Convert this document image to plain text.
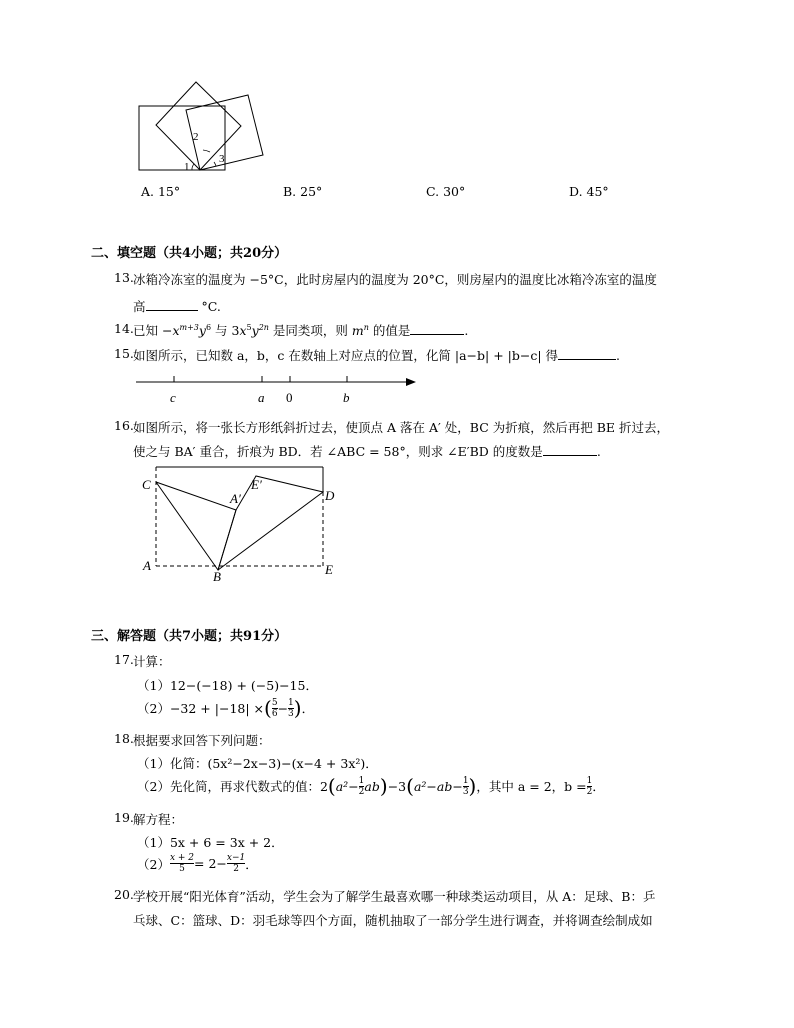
1
2
3
A. 15°	B. 25°	C. 30°	D. 45°
二、填空题（共4小题；共20分）
13. 冰箱冷冻室的温度为 −5°C，此时房屋内的温度为 20°C，则房屋内的温度比冰箱冷冻室的温度
高	°C.
14. 已知 $-x^{m+3}y^6$ 与 $3x^5y^{2n}$ 是同类项，则 $m^n$ 的值是	.
15. 如图所示，已知数 a，b，c 在数轴上对应点的位置，化简 |a−b| + |b−c| 得	.
c	a 0	b
16. 如图所示，将一张长方形纸斜折过去，使顶点 A 落在 A′ 处，BC 为折痕，然后再把 BE 折过去，
使之与 BA′ 重合，折痕为 BD．若 ∠ABC = 58°，则求 ∠E′BD 的度数是	.
C
A′
E′
D
A
B	E
三、解答题（共7小题；共91分）
17. 计算：
（1）12−(−18) + (−5)−15．
（2）−32 + |−18| × ( $\frac{5}{6} - \frac{1}{3}$ ) ．
18. 根据要求回答下列问题：
（1）化简：(5x²−2x−3)−(x−4 + 3x²)．
（2）先化简，再求代数式的值：2 ( $a^2- \frac{1}{2}$ ab ) −3 ( $a^2-ab- \frac{1}{3}$ ) ，其中 a = 2，$b = \frac{1}{2}$ ．
19. 解方程：
（1）5x + 6 = 3x + 2．
$(2) \frac{x + 2}{5} = 2- \frac{x-1}{2}$ ．
20. 学校开展“阳光体育”活动，学生会为了解学生最喜欢哪一种球类运动项目，从 A：足球、B：乒
乓球、C：篮球、D：羽毛球等四个方面，随机抽取了一部分学生进行调查，并将调查绘制成如
